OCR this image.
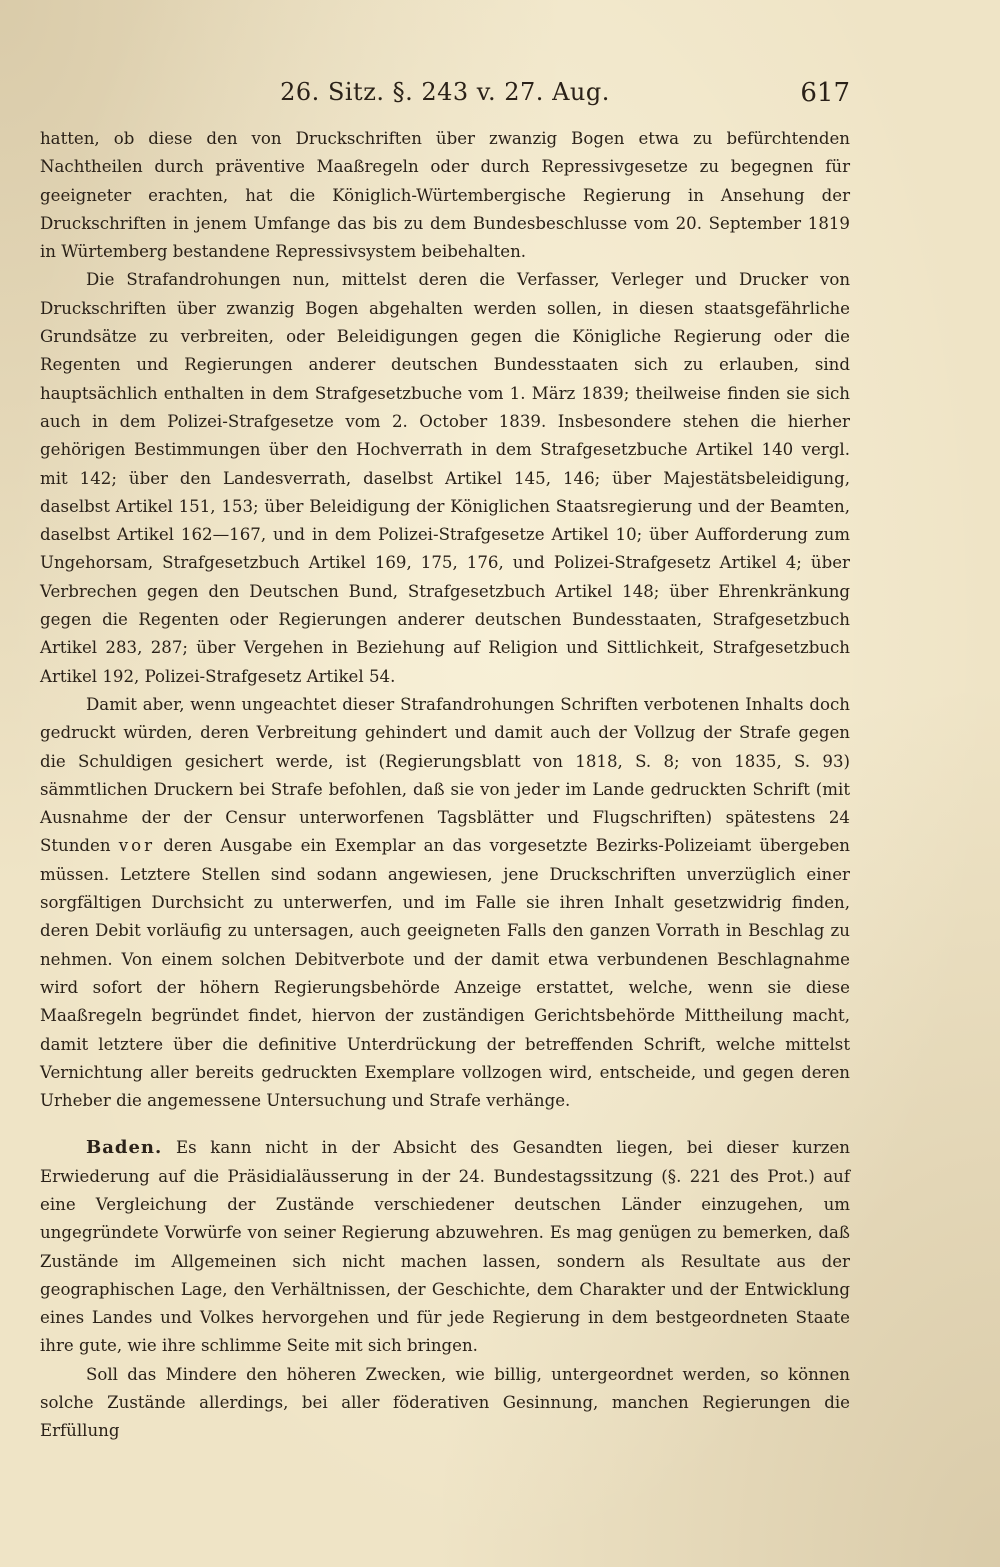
26. Sitz. §. 243 v. 27. Aug.	617

hatten, ob diese den von Druckschriften über zwanzig Bogen etwa zu befürchtenden Nachtheilen durch präventive Maaßregeln oder durch Repressivgesetze zu begegnen für geeigneter erachten, hat die Königlich-Würtembergische Regierung in Ansehung der Druckschriften in jenem Umfange das bis zu dem Bundesbeschlusse vom 20. September 1819 in Würtemberg bestandene Repressivsystem beibehalten.

Die Strafandrohungen nun, mittelst deren die Verfasser, Verleger und Drucker von Druckschriften über zwanzig Bogen abgehalten werden sollen, in diesen staatsgefährliche Grundsätze zu verbreiten, oder Beleidigungen gegen die Königliche Regierung oder die Regenten und Regierungen anderer deutschen Bundesstaaten sich zu erlauben, sind hauptsächlich enthalten in dem Strafgesetzbuche vom 1. März 1839; theilweise finden sie sich auch in dem Polizei-Strafgesetze vom 2. October 1839. Insbesondere stehen die hierher gehörigen Bestimmungen über den Hochverrath in dem Strafgesetzbuche Artikel 140 vergl. mit 142; über den Landesverrath, daselbst Artikel 145, 146; über Majestätsbeleidigung, daselbst Artikel 151, 153; über Beleidigung der Königlichen Staatsregierung und der Beamten, daselbst Artikel 162—167, und in dem Polizei-Strafgesetze Artikel 10; über Aufforderung zum Ungehorsam, Strafgesetzbuch Artikel 169, 175, 176, und Polizei-Strafgesetz Artikel 4; über Verbrechen gegen den Deutschen Bund, Strafgesetzbuch Artikel 148; über Ehrenkränkung gegen die Regenten oder Regierungen anderer deutschen Bundesstaaten, Strafgesetzbuch Artikel 283, 287; über Vergehen in Beziehung auf Religion und Sittlichkeit, Strafgesetzbuch Artikel 192, Polizei-Strafgesetz Artikel 54.

Damit aber, wenn ungeachtet dieser Strafandrohungen Schriften verbotenen Inhalts doch gedruckt würden, deren Verbreitung gehindert und damit auch der Vollzug der Strafe gegen die Schuldigen gesichert werde, ist (Regierungsblatt von 1818, S. 8; von 1835, S. 93) sämmtlichen Druckern bei Strafe befohlen, daß sie von jeder im Lande gedruckten Schrift (mit Ausnahme der der Censur unterworfenen Tagsblätter und Flugschriften) spätestens 24 Stunden vor deren Ausgabe ein Exemplar an das vorgesetzte Bezirks-Polizeiamt übergeben müssen. Letztere Stellen sind sodann angewiesen, jene Druckschriften unverzüglich einer sorgfältigen Durchsicht zu unterwerfen, und im Falle sie ihren Inhalt gesetzwidrig finden, deren Debit vorläufig zu untersagen, auch geeigneten Falls den ganzen Vorrath in Beschlag zu nehmen. Von einem solchen Debitverbote und der damit etwa verbundenen Beschlagnahme wird sofort der höhern Regierungsbehörde Anzeige erstattet, welche, wenn sie diese Maaßregeln begründet findet, hiervon der zuständigen Gerichtsbehörde Mittheilung macht, damit letztere über die definitive Unterdrückung der betreffenden Schrift, welche mittelst Vernichtung aller bereits gedruckten Exemplare vollzogen wird, entscheide, und gegen deren Urheber die angemessene Untersuchung und Strafe verhänge.

Baden. Es kann nicht in der Absicht des Gesandten liegen, bei dieser kurzen Erwiederung auf die Präsidialäusserung in der 24. Bundestagssitzung (§. 221 des Prot.) auf eine Vergleichung der Zustände verschiedener deutschen Länder einzugehen, um ungegründete Vorwürfe von seiner Regierung abzuwehren. Es mag genügen zu bemerken, daß Zustände im Allgemeinen sich nicht machen lassen, sondern als Resultate aus der geographischen Lage, den Verhältnissen, der Geschichte, dem Charakter und der Entwicklung eines Landes und Volkes hervorgehen und für jede Regierung in dem bestgeordneten Staate ihre gute, wie ihre schlimme Seite mit sich bringen.

Soll das Mindere den höheren Zwecken, wie billig, untergeordnet werden, so können solche Zustände allerdings, bei aller föderativen Gesinnung, manchen Regierungen die Erfüllung
